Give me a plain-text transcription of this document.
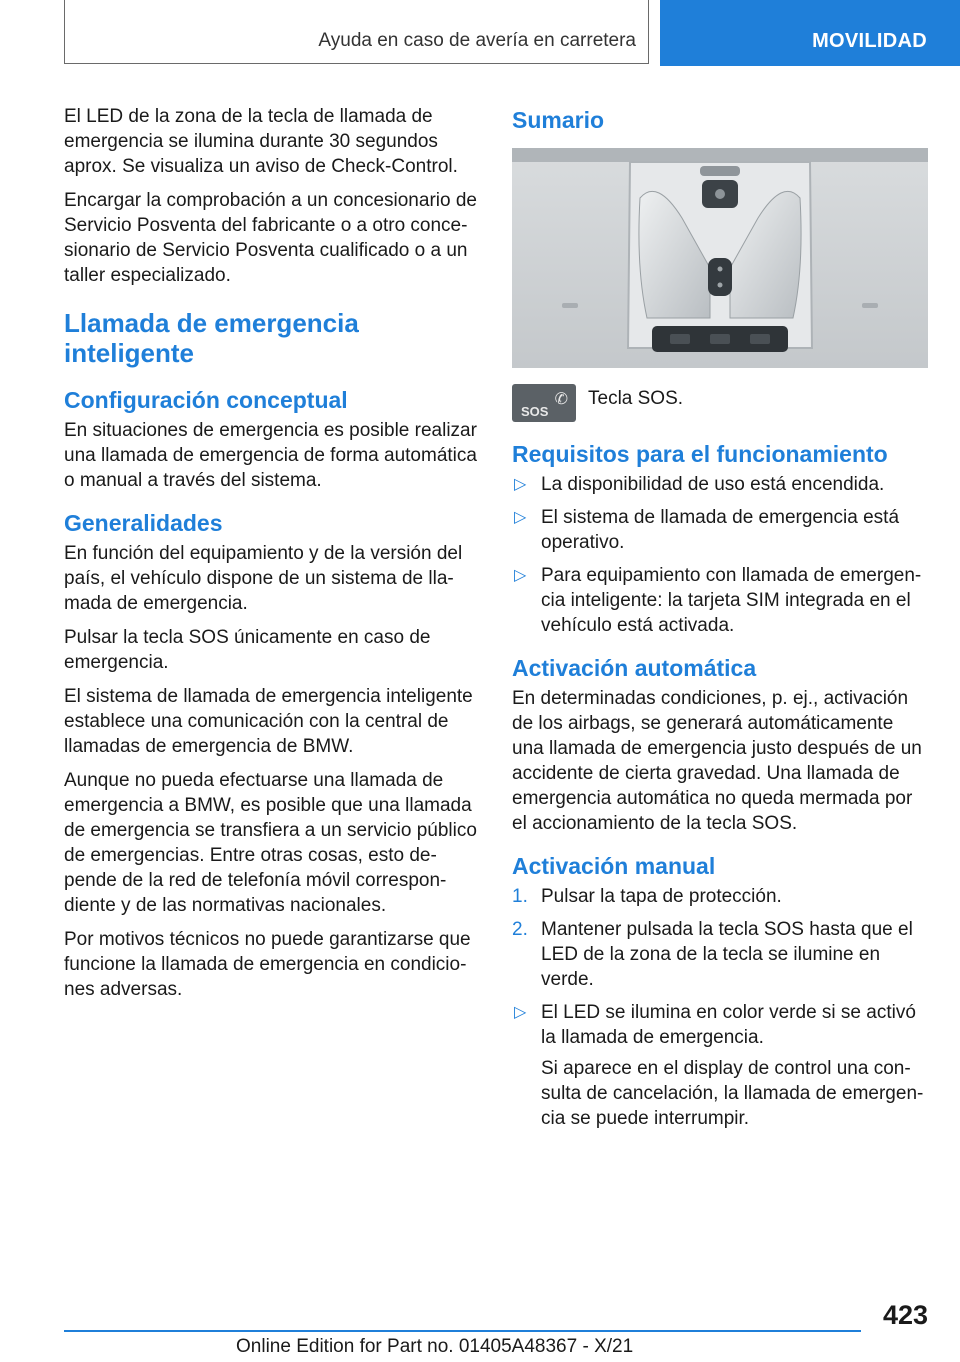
Ayuda en caso de avería en carretera	MOVILIDAD

El LED de la zona de la tecla de llamada de emergencia se ilumina durante 30 segundos aprox. Se visualiza un aviso de Check-Control.

Encargar la comprobación a un concesionario de Servicio Posventa del fabricante o a otro concesionario de Servicio Posventa cualificado o a un taller especializado.

Llamada de emergencia inteligente
Configuración conceptual

En situaciones de emergencia es posible realizar una llamada de emergencia de forma automática o manual a través del sistema.

Generalidades

En función del equipamiento y de la versión del país, el vehículo dispone de un sistema de llamada de emergencia.

Pulsar la tecla SOS únicamente en caso de emergencia.

El sistema de llamada de emergencia inteligente establece una comunicación con la central de llamadas de emergencia de BMW.

Aunque no pueda efectuarse una llamada de emergencia a BMW, es posible que una llamada de emergencia se transfiera a un servicio público de emergencias. Entre otras cosas, esto depende de la red de telefonía móvil correspondiente y de las normativas nacionales.

Por motivos técnicos no puede garantizarse que funcione la llamada de emergencia en condiciones adversas.

Sumario
SOS
✆ Tecla SOS.
Requisitos para el funcionamiento
▷ La disponibilidad de uso está encendida.
▷ El sistema de llamada de emergencia está operativo.
▷ Para equipamiento con llamada de emergencia inteligente: la tarjeta SIM integrada en el vehículo está activada.
Activación automática

En determinadas condiciones, p. ej., activación de los airbags, se generará automáticamente una llamada de emergencia justo después de un accidente de cierta gravedad. Una llamada de emergencia automática no queda mermada por el accionamiento de la tecla SOS.

Activación manual
1. Pulsar la tapa de protección.
2. Mantener pulsada la tecla SOS hasta que el LED de la zona de la tecla se ilumine en verde.
▷ El LED se ilumina en color verde si se activó la llamada de emergencia.

Si aparece en el display de control una consulta de cancelación, la llamada de emergencia se puede interrumpir.

423
Online Edition for Part no. 01405A48367 - X/21
